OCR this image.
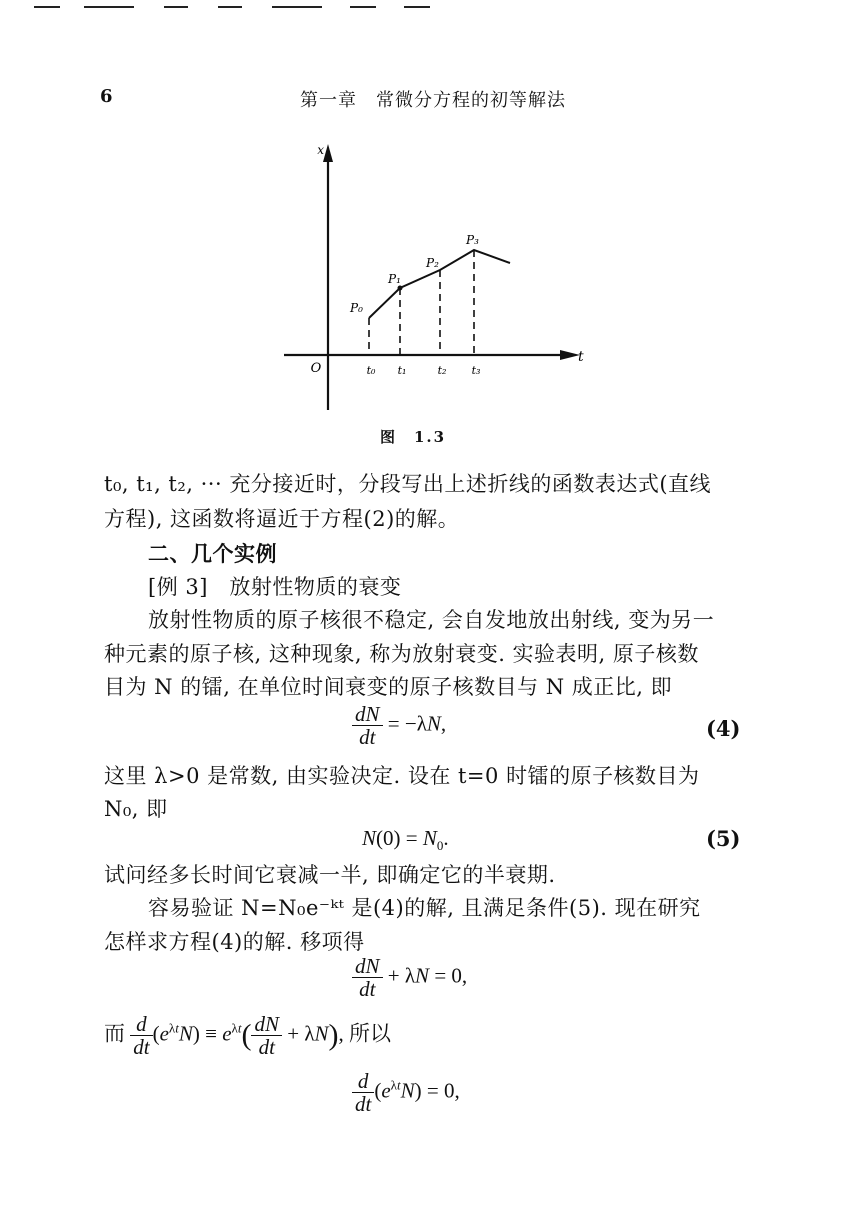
6	第一章　常微分方程的初等解法
x
t
O
P₀
P₁
P₂
P₃
t₀ t₁	t₂ t₃
图　1.3
t₀, t₁, t₂, ··· 充分接近时，分段写出上述折线的函数表达式(直线
方程), 这函数将逼近于方程(2)的解。
二、几个实例
[例 3]　放射性物质的衰变
放射性物质的原子核很不稳定, 会自发地放出射线, 变为另一
种元素的原子核, 这种现象, 称为放射衰变. 实验表明, 原子核数
目为 N 的镭, 在单位时间衰变的原子核数目与 N 成正比, 即
$\frac{dN}{dt} = -\lambda N$,	(4)
这里 λ>0 是常数, 由实验决定. 设在 t=0 时镭的原子核数目为
N₀, 即
$N(0) = N_0$.	(5)
试问经多长时间它衰减一半, 即确定它的半衰期.
容易验证 N=N₀e⁻ᵏᵗ 是(4)的解, 且满足条件(5). 现在研究
怎样求方程(4)的解. 移项得
$\frac{dN}{dt} + \lambda N = 0$,
而 $\frac{d}{dt} (e^{\lambda t}N) \equiv e^{\lambda t}( \frac{dN}{dt} + \lambda N)$, 所以
$\frac{d}{dt} (e^{\lambda t}N) = 0$,
